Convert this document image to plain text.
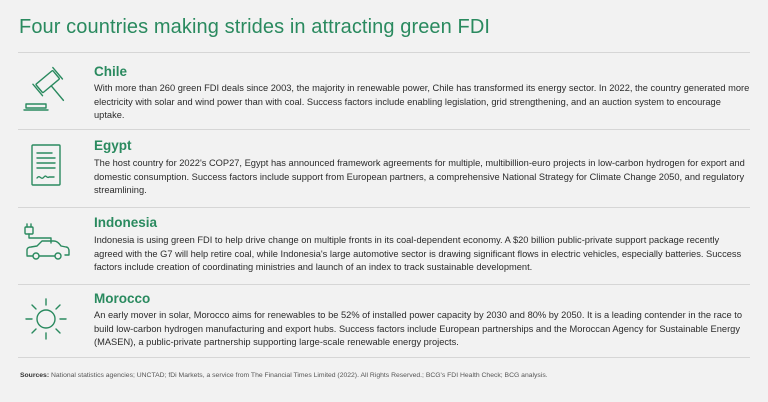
Four countries making strides in attracting green FDI

Chile

With more than 260 green FDI deals since 2003, the majority in renewable power, Chile has transformed its energy sector. In 2022, the country generated more electricity with solar and wind power than with coal. Success factors include enabling legislation, grid strengthening, and an auction system to encourage uptake.

Egypt

The host country for 2022's COP27, Egypt has announced framework agreements for multiple, multibillion-euro projects in low-carbon hydrogen for export and domestic consumption. Success factors include support from European partners, a comprehensive National Strategy for Climate Change 2050, and regulatory streamlining.

Indonesia

Indonesia is using green FDI to help drive change on multiple fronts in its coal-dependent economy. A $20 billion public-private support package recently agreed with the G7 will help retire coal, while Indonesia's large automotive sector is drawing significant flows in electric vehicles, especially batteries. Success factors include creation of coordinating ministries and launch of an index to track sustainable development.

Morocco

An early mover in solar, Morocco aims for renewables to be 52% of installed power capacity by 2030 and 80% by 2050. It is a leading contender in the race to build low-carbon hydrogen manufacturing and export hubs. Success factors include European partnerships and the Moroccan Agency for Sustainable Energy (MASEN), a public-private partnership supporting large-scale renewable energy projects.

Sources: National statistics agencies; UNCTAD; fDi Markets, a service from The Financial Times Limited (2022). All Rights Reserved.; BCG's FDI Health Check; BCG analysis.
